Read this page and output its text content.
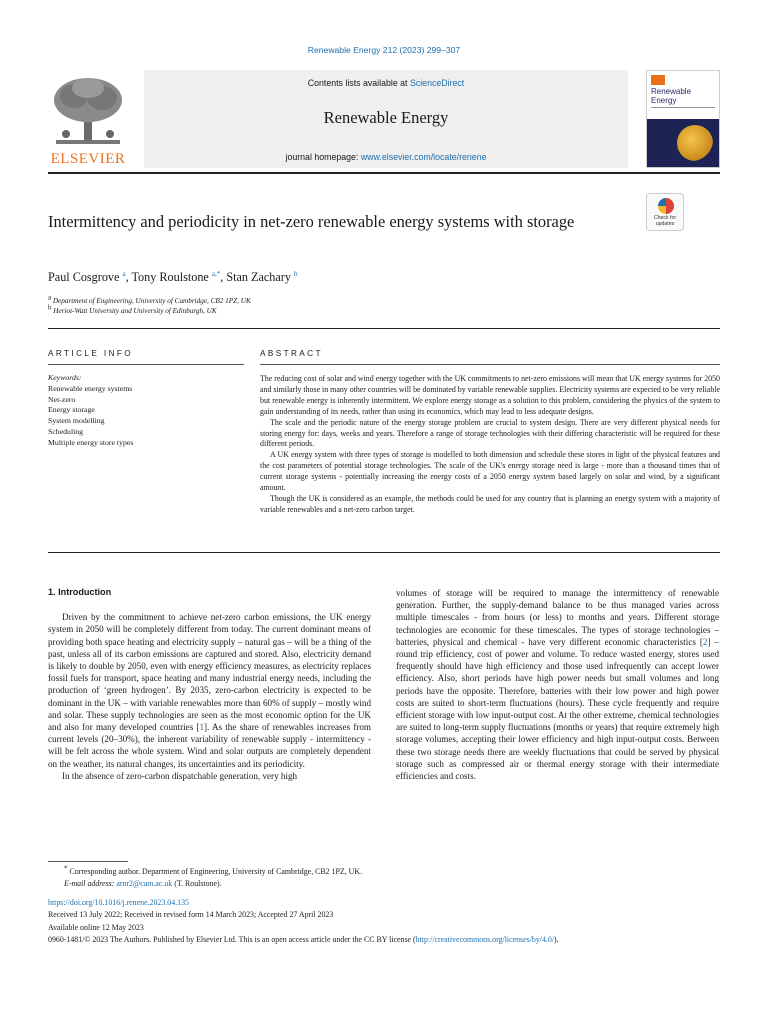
Renewable Energy 212 (2023) 299–307
ELSEVIER
Contents lists available at ScienceDirect
Renewable Energy
journal homepage: www.elsevier.com/locate/renene
Renewable Energy
Intermittency and periodicity in net-zero renewable energy systems with storage	Check for updates
Paul Cosgrove $^a$, Tony Roulstone $^{a,*}$, Stan Zachary $^b$
$^a$ Department of Engineering, University of Cambridge, CB2 1PZ, UK
$^b$ Heriot-Watt University and University of Edinburgh, UK
ARTICLE INFO	ABSTRACT
Keywords:
Renewable energy systems
Net-zero
Energy storage
System modelling
Scheduling
Multiple energy store types

The reducing cost of solar and wind energy together with the UK commitments to net-zero emissions will mean that UK energy systems for 2050 and similarly those in many other countries will be dominated by variable renewable supplies. Electricity systems are expected to be very reliable but renewable energy is inherently intermittent. We explore energy storage as a solution to this problem, considering the physics of the system to gain understanding of its needs, rather than using its economics, which may lead to less adequate designs.

The scale and the periodic nature of the energy storage problem are crucial to system design. There are very different physical needs for storing energy for: days, weeks and years. Therefore a range of storage technologies with their differing characteristic will be required for these different periods.

A UK energy system with three types of storage is modelled to both dimension and schedule these stores in light of the physical features and the cost parameters of potential storage technologies. The scale of the UK's energy storage need is large - more than a thousand times that of current storage systems - potentially increasing the energy costs of a 2050 energy system based largely on solar and wind, by a significant amount.

Though the UK is considered as an example, the methods could be used for any country that is planning an energy system with a majority of variable renewables and a net-zero carbon target.

1. Introduction

Driven by the commitment to achieve net-zero carbon emissions, the UK energy system in 2050 will be completely different from today. The current dominant means of providing both space heating and electricity supply – natural gas – will be a thing of the past, unless all of its carbon emissions are captured and stored. Also, electricity demand is likely to double by 2050, even with energy efficiency measures, as electricity replaces fossil fuels for transport, space heating and many industrial energy needs, including the production of ‘green hydrogen’. By 2035, zero-carbon electricity is expected to be dominant in the UK – with variable renewables more than 60% of supply – mostly wind and solar. These supply technologies are seen as the most economic option for the UK and also for many developed countries [1]. As the share of renewables increases from current levels (20–30%), the inherent variability of renewable supply - intermittency - will be felt across the whole system. Wind and solar outputs are completely dependent on the weather, its natural changes, its uncertainties and its periodicity.

In the absence of zero-carbon dispatchable generation, very high

volumes of storage will be required to manage the intermittency of renewable generation. Further, the supply-demand balance to be thus managed varies across multiple timescales - from hours (or less) to months and years. Different storage technologies are economic for these timescales. The types of storage technologies – batteries, physical and chemical - have very different economic characteristics [2] – round trip efficiency, cost of power and volume. To reduce wasted energy, stores used frequently should have high efficiency and those used infrequently can accept lower efficiency. Also, short periods have high power needs but small volumes and long periods have the opposite. Therefore, batteries with their low power and high power costs are suited to short-term fluctuations (hours). These cycle frequently and require efficient storage with low input-output cost. At the other extreme, chemical technologies are suited to long-term supply fluctuations (months or years) that require extremely high storage volumes, accepting their lower efficiency and high input-output costs. Between these two storage needs there are weekly fluctuations that could be served by physical storage such as compressed air or thermal energy storage with their intermediate efficiencies and costs.

* Corresponding author. Department of Engineering, University of Cambridge, CB2 1PZ, UK.
E-mail address: arnr2@cam.ac.uk (T. Roulstone).
https://doi.org/10.1016/j.renene.2023.04.135
Received 13 July 2022; Received in revised form 14 March 2023; Accepted 27 April 2023
Available online 12 May 2023
0960-1481/© 2023 The Authors. Published by Elsevier Ltd. This is an open access article under the CC BY license (http://creativecommons.org/licenses/by/4.0/).
